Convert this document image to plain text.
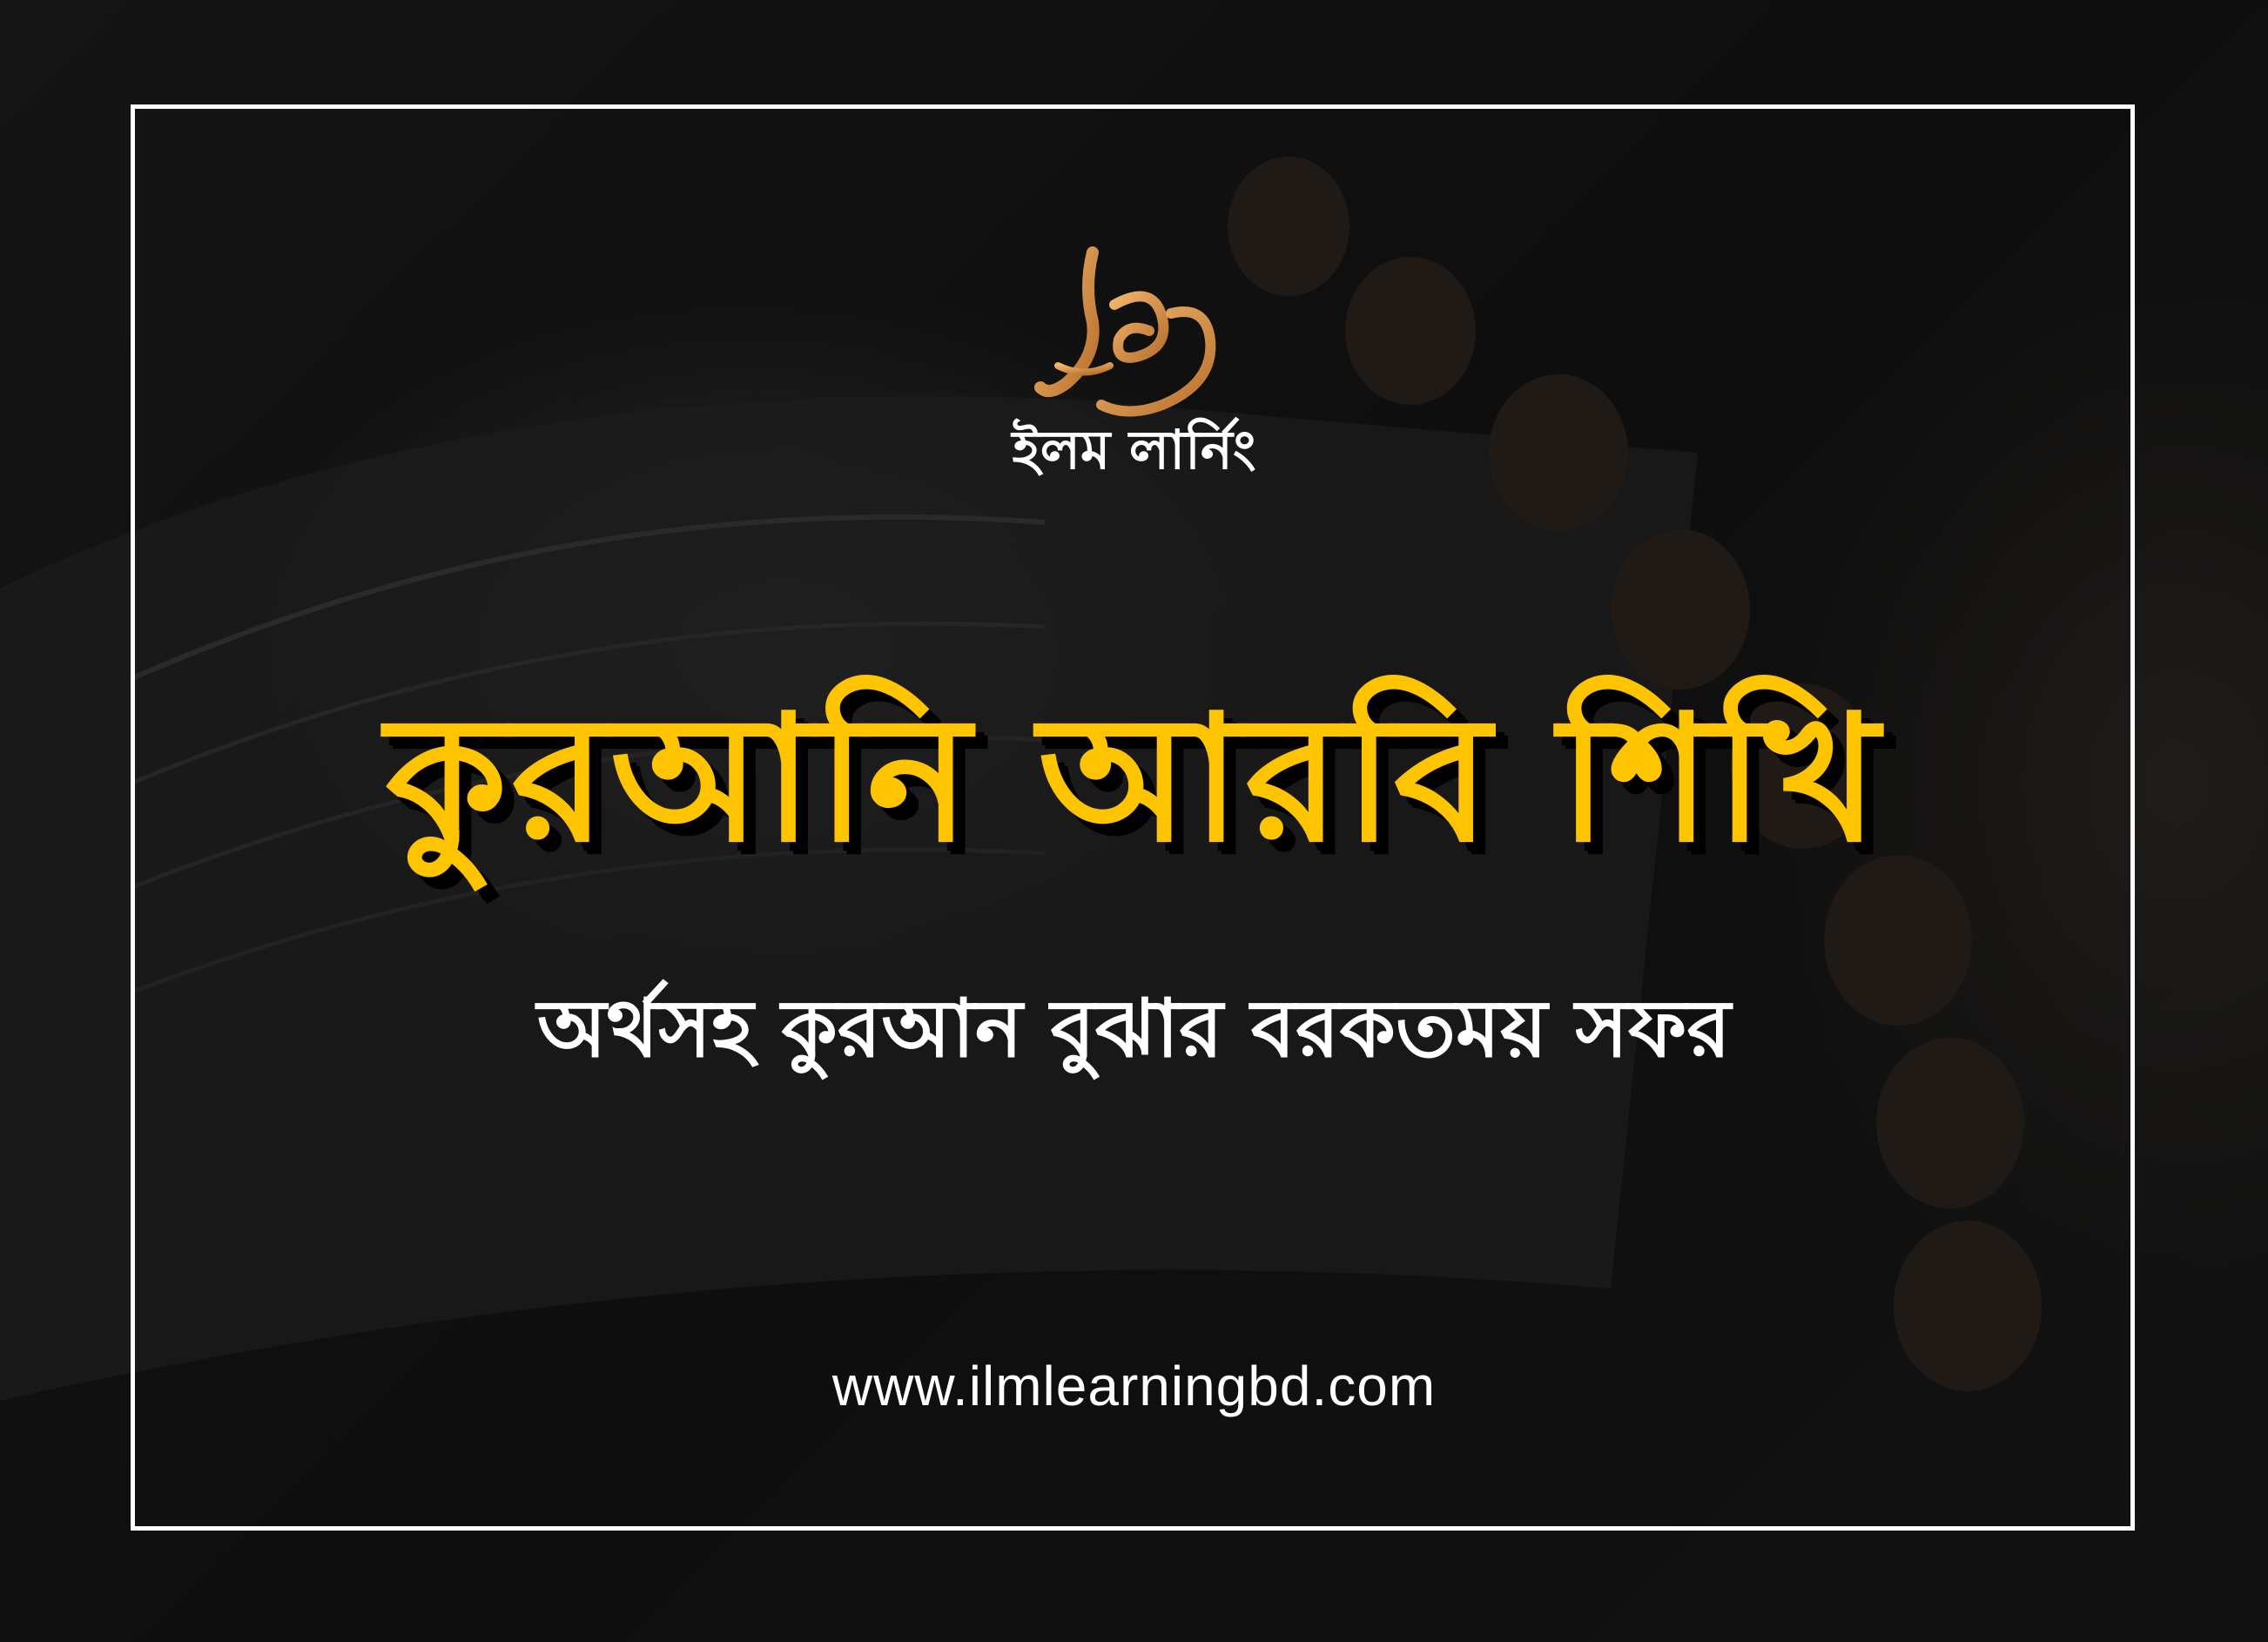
ইলম লার্নিং
কুরআনি আরবি শিখি
অর্থসহ কুরআন বুঝার বরকতময় সফর
www.ilmlearningbd.com
